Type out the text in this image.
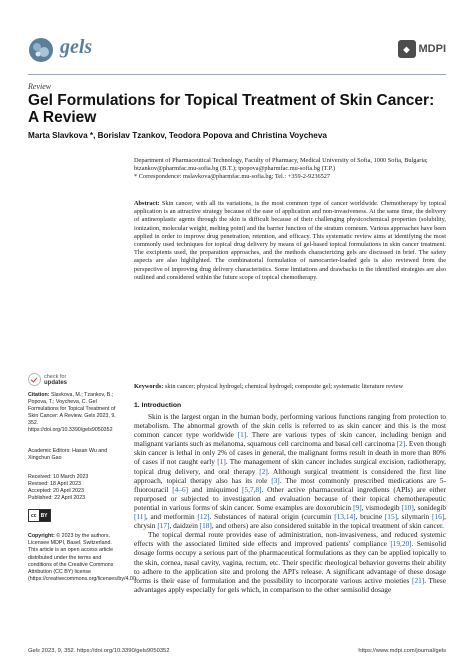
gels	◆ MDPI
Review
Gel Formulations for Topical Treatment of Skin Cancer: A Review
Marta Slavkova *, Borislav Tzankov, Teodora Popova and Christina Voycheva

Department of Pharmaceutical Technology, Faculty of Pharmacy, Medical University of Sofia, 1000 Sofia, Bulgaria;

btzankov@pharmfac.mu-sofia.bg (B.T.); tpopova@pharmfac.mu-sofia.bg (T.P.)

* Correspondence: mslavkova@pharmfac.mu-sofia.bg; Tel.: +359-2-9236527

Abstract: Skin cancer, with all its variations, is the most common type of cancer worldwide. Chemotherapy by topical application is an attractive strategy because of the ease of application and non-invasiveness. At the same time, the delivery of antineoplastic agents through the skin is difficult because of their challenging physicochemical properties (solubility, ionization, molecular weight, melting point) and the barrier function of the stratum corneum. Various approaches have been applied in order to improve drug penetration, retention, and efficacy. This systematic review aims at identifying the most commonly used techniques for topical drug delivery by means of gel-based topical formulations in skin cancer treatment. The excipients used, the preparation approaches, and the methods characterizing gels are discussed in brief. The safety aspects are also highlighted. The combinatorial formulation of nanocarrier-loaded gels is also reviewed from the perspective of improving drug delivery characteristics. Some limitations and drawbacks in the identified strategies are also outlined and considered within the future scope of topical chemotherapy.
Keywords: skin cancer; physical hydrogel; chemical hydrogel; composite gel; systematic literature review
check for
updates

Citation: Slavkova, M.; Tzankov, B.; Popova, T.; Voycheva, C. Gel Formulations for Topical Treatment of Skin Cancer: A Review. Gels 2023, 9, 352. https://doi.org/10.3390/gels9050352

Academic Editors: Hasan Wu and Xingchun Gao

Received: 10 March 2023

Revised: 18 April 2023

Accepted: 20 April 2023

Published: 22 April 2023

cc BY

Copyright: © 2023 by the authors. Licensee MDPI, Basel, Switzerland. This article is an open access article distributed under the terms and conditions of the Creative Commons Attribution (CC BY) license (https://creativecommons.org/licenses/by/4.0/).

1. Introduction

Skin is the largest organ in the human body, performing various functions ranging from protection to metabolism. The abnormal growth of the skin cells is referred to as skin cancer and this is the most common cancer type worldwide [1]. There are various types of skin cancer, including benign and malignant variants such as melanoma, squamous cell carcinoma and basal cell carcinoma [2]. Even though skin cancer is lethal in only 2% of cases in general, the malignant forms result in death in more than 80% of cases if not caught early [1]. The management of skin cancer includes surgical excision, radiotherapy, topical drug delivery, and oral therapy [2]. Although surgical treatment is considered the first line approach, topical therapy also has its role [3]. The most commonly prescribed medications are 5-fluorouracil [4–6] and imiquimod [5,7,8]. Other active pharmaceutical ingredients (APIs) are either repurposed or subjected to investigation and evaluation because of their topical chemotherapeutic potential in various forms of skin cancer. Some examples are doxorubicin [9], vismodegib [10], sonidegib [11], and metformin [12]. Substances of natural origin (curcumin [13,14], brucine [15], silymarin [16], chrysin [17], daidzein [18], and others) are also considered suitable in the topical treatment of skin cancer.

The topical dermal route provides ease of administration, non-invasiveness, and reduced systemic effects with the associated limited side effects and improved patients' compliance [19,20]. Semisolid dosage forms occupy a serious part of the pharmaceutical formulations as they can be applied topically to the skin, cornea, nasal cavity, vagina, rectum, etc. Their specific rheological behavior governs their ability to adhere to the application site and prolong the API's release. A significant advantage of these dosage forms is their ease of formulation and the possibility to incorporate various active moieties [21]. These advantages apply especially for gels which, in comparison to the other semisolid dosage

Gels 2023, 9, 352. https://doi.org/10.3390/gels9050352	https://www.mdpi.com/journal/gels
